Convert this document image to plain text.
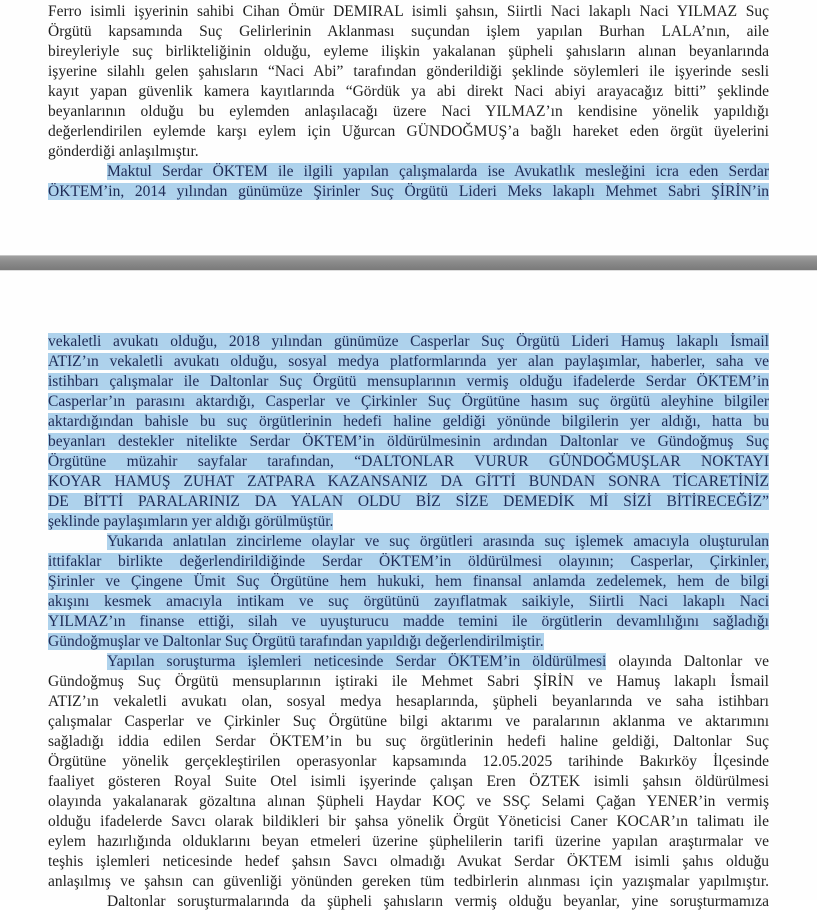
Ferro isimli işyerinin sahibi Cihan Ömür DEMIRAL isimli şahsın, Siirtli Naci lakaplı Naci YILMAZ Suç
Örgütü kapsamında Suç Gelirlerinin Aklanması suçundan işlem yapılan Burhan LALA’nın, aile
bireyleriyle suç birlikteliğinin olduğu, eyleme ilişkin yakalanan şüpheli şahısların alınan beyanlarında
işyerine silahlı gelen şahısların “Naci Abi” tarafından gönderildiği şeklinde söylemleri ile işyerinde sesli
kayıt yapan güvenlik kamera kayıtlarında “Gördük ya abi direkt Naci abiyi arayacağız bitti” şeklinde
beyanlarının olduğu bu eylemden anlaşılacağı üzere Naci YILMAZ’ın kendisine yönelik yapıldığı
değerlendirilen eylemde karşı eylem için Uğurcan GÜNDOĞMUŞ’a bağlı hareket eden örgüt üyelerini
gönderdiği anlaşılmıştır.
Maktul Serdar ÖKTEM ile ilgili yapılan çalışmalarda ise Avukatlık mesleğini icra eden Serdar
ÖKTEM’in, 2014 yılından günümüze Şirinler Suç Örgütü Lideri Meks lakaplı Mehmet Sabri ŞİRİN’in
vekaletli avukatı olduğu, 2018 yılından günümüze Casperlar Suç Örgütü Lideri Hamuş lakaplı İsmail
ATIZ’ın vekaletli avukatı olduğu, sosyal medya platformlarında yer alan paylaşımlar, haberler, saha ve
istihbarı çalışmalar ile Daltonlar Suç Örgütü mensuplarının vermiş olduğu ifadelerde Serdar ÖKTEM’in
Casperlar’ın parasını aktardığı, Casperlar ve Çirkinler Suç Örgütüne hasım suç örgütü aleyhine bilgiler
aktardığından bahisle bu suç örgütlerinin hedefi haline geldiği yönünde bilgilerin yer aldığı, hatta bu
beyanları destekler nitelikte Serdar ÖKTEM’in öldürülmesinin ardından Daltonlar ve Gündoğmuş Suç
Örgütüne müzahir sayfalar tarafından, “DALTONLAR VURUR GÜNDOĞMUŞLAR NOKTAYI
KOYAR HAMUŞ ZUHAT ZATPARA KAZANSANIZ DA GİTTİ BUNDAN SONRA TİCARETİNİZ
DE BİTTİ PARALARINIZ DA YALAN OLDU BİZ SİZE DEMEDİK Mİ SİZİ BİTİRECEĞİZ”
şeklinde paylaşımların yer aldığı görülmüştür.
Yukarıda anlatılan zincirleme olaylar ve suç örgütleri arasında suç işlemek amacıyla oluşturulan
ittifaklar birlikte değerlendirildiğinde Serdar ÖKTEM’in öldürülmesi olayının; Casperlar, Çirkinler,
Şirinler ve Çingene Ümit Suç Örgütüne hem hukuki, hem finansal anlamda zedelemek, hem de bilgi
akışını kesmek amacıyla intikam ve suç örgütünü zayıflatmak saikiyle, Siirtli Naci lakaplı Naci
YILMAZ’ın finanse ettiği, silah ve uyuşturucu madde temini ile örgütlerin devamlılığını sağladığı
Gündoğmuşlar ve Daltonlar Suç Örgütü tarafından yapıldığı değerlendirilmiştir.
Yapılan soruşturma işlemleri neticesinde Serdar ÖKTEM’in öldürülmesi olayında Daltonlar ve
Gündoğmuş Suç Örgütü mensuplarının iştiraki ile Mehmet Sabri ŞİRİN ve Hamuş lakaplı İsmail
ATIZ’ın vekaletli avukatı olan, sosyal medya hesaplarında, şüpheli beyanlarında ve saha istihbarı
çalışmalar Casperlar ve Çirkinler Suç Örgütüne bilgi aktarımı ve paralarının aklanma ve aktarımını
sağladığı iddia edilen Serdar ÖKTEM’in bu suç örgütlerinin hedefi haline geldiği, Daltonlar Suç
Örgütüne yönelik gerçekleştirilen operasyonlar kapsamında 12.05.2025 tarihinde Bakırköy İlçesinde
faaliyet gösteren Royal Suite Otel isimli işyerinde çalışan Eren ÖZTEK isimli şahsın öldürülmesi
olayında yakalanarak gözaltına alınan Şüpheli Haydar KOÇ ve SSÇ Selami Çağan YENER’in vermiş
olduğu ifadelerde Savcı olarak bildikleri bir şahsa yönelik Örgüt Yöneticisi Caner KOCAR’ın talimatı ile
eylem hazırlığında olduklarını beyan etmeleri üzerine şüphelilerin tarifi üzerine yapılan araştırmalar ve
teşhis işlemleri neticesinde hedef şahsın Savcı olmadığı Avukat Serdar ÖKTEM isimli şahıs olduğu
anlaşılmış ve şahsın can güvenliği yönünden gereken tüm tedbirlerin alınması için yazışmalar yapılmıştır.
Daltonlar soruşturmalarında da şüpheli şahısların vermiş olduğu beyanlar, yine soruşturmamıza
